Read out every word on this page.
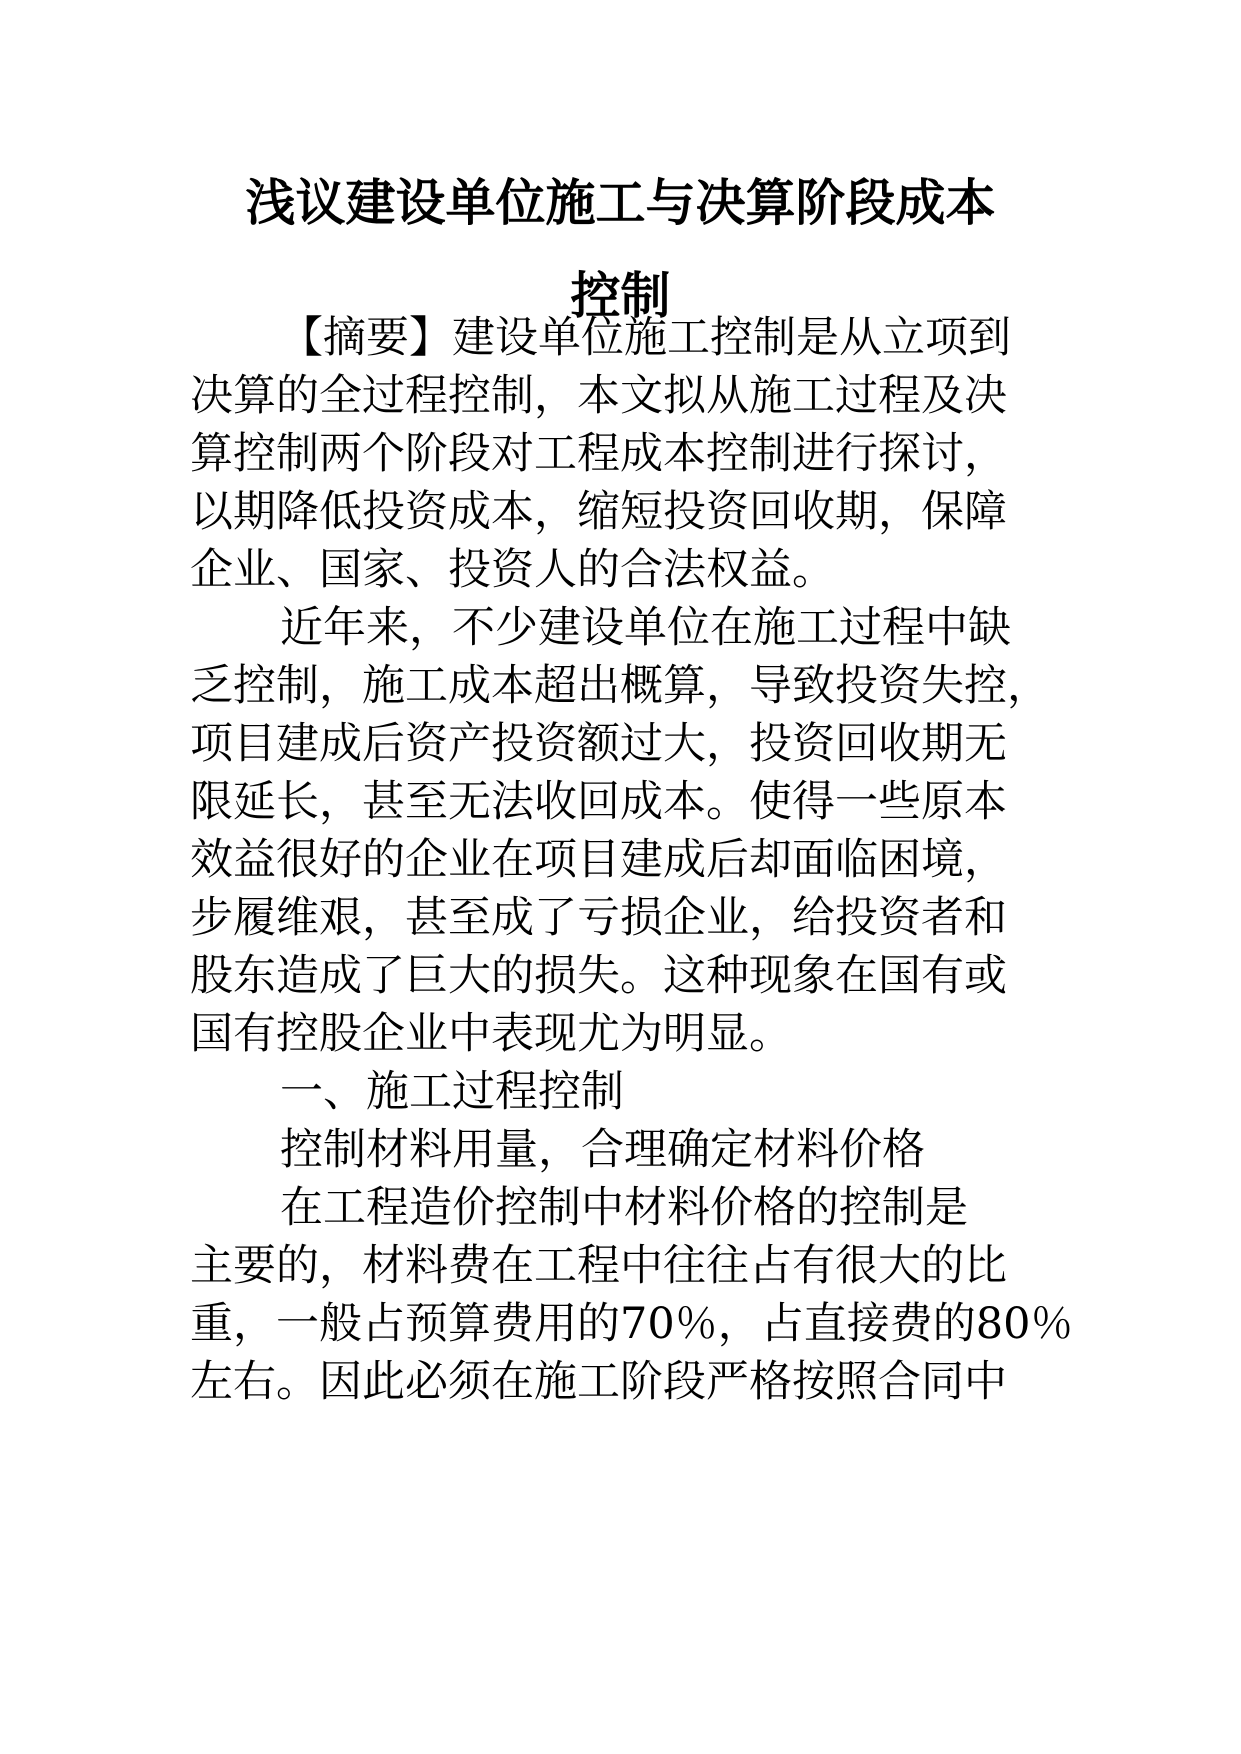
浅议建设单位施工与决算阶段成本
控制
【摘要】建设单位施工控制是从立项到
决算的全过程控制，本文拟从施工过程及决
算控制两个阶段对工程成本控制进行探讨，
以期降低投资成本，缩短投资回收期，保障
企业、国家、投资人的合法权益。
近年来，不少建设单位在施工过程中缺
乏控制，施工成本超出概算，导致投资失控，
项目建成后资产投资额过大，投资回收期无
限延长，甚至无法收回成本。使得一些原本
效益很好的企业在项目建成后却面临困境，
步履维艰，甚至成了亏损企业，给投资者和
股东造成了巨大的损失。这种现象在国有或
国有控股企业中表现尤为明显。
一、施工过程控制
控制材料用量，合理确定材料价格
在工程造价控制中材料价格的控制是
主要的，材料费在工程中往往占有很大的比
重，一般占预算费用的70％，占直接费的80％
左右。因此必须在施工阶段严格按照合同中
